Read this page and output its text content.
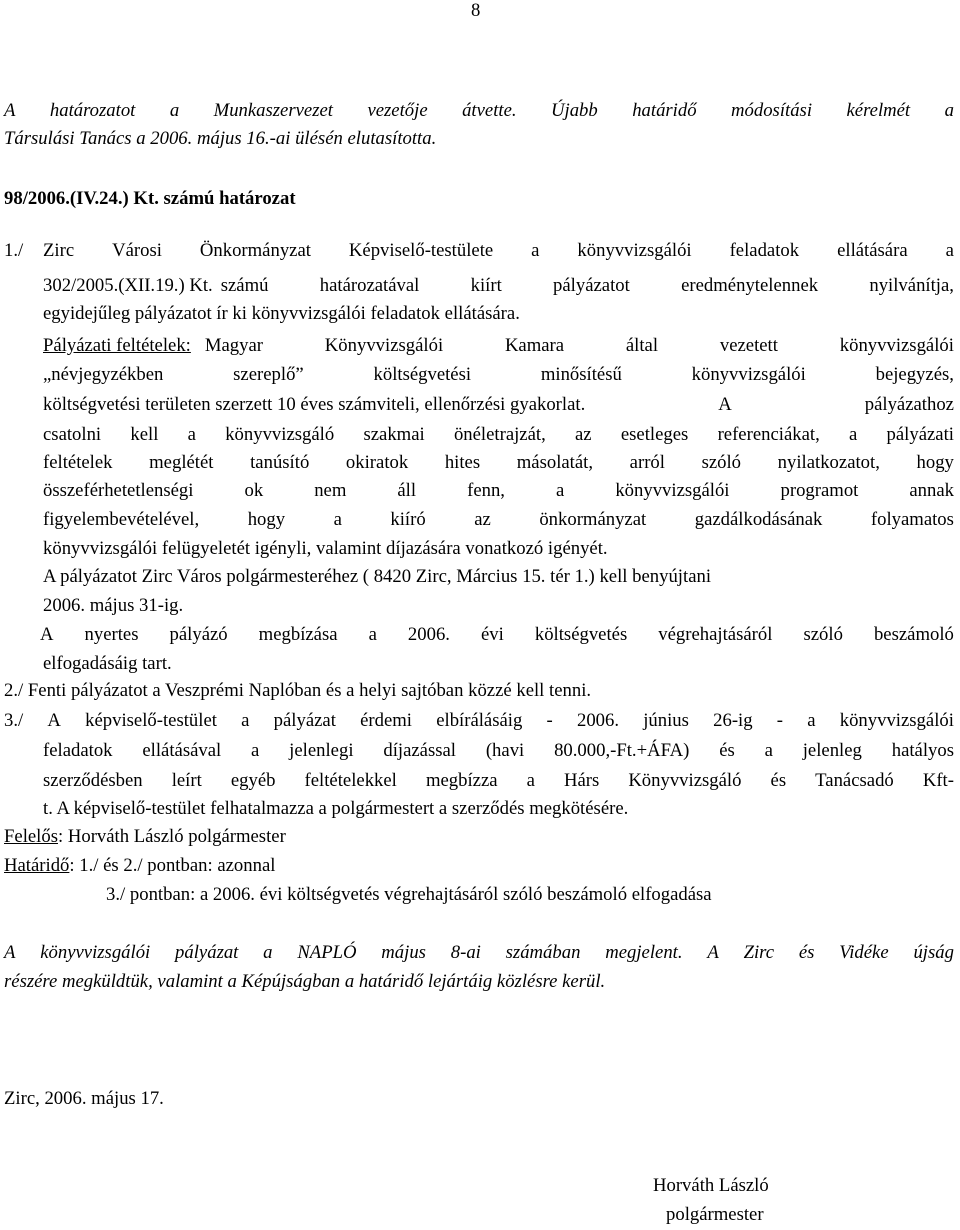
8
A határozatot a Munkaszervezet vezetője átvette. Újabb határidő módosítási kérelmét a
Társulási Tanács a 2006. május 16.-ai ülésén elutasította.
98/2006.(IV.24.) Kt. számú határozat
1./ Zirc Városi Önkormányzat Képviselő-testülete a könyvvizsgálói feladatok ellátására a
302/2005.(XII.19.) Kt. számú	határozatával	kiírt	pályázatot	eredménytelennek	nyilvánítja,
egyidejűleg pályázatot ír ki könyvvizsgálói feladatok ellátására.
Pályázati feltételek: Magyar	Könyvvizsgálói	Kamara	által	vezetett	könyvvizsgálói
„névjegyzékben	szereplő”	költségvetési	minősítésű	könyvvizsgálói	bejegyzés,
költségvetési területen szerzett 10 éves számviteli, ellenőrzési gyakorlat.	A	pályázathoz
csatolni kell a könyvvizsgáló szakmai önéletrajzát, az esetleges referenciákat, a pályázati
feltételek meglétét tanúsító okiratok hites másolatát, arról szóló nyilatkozatot, hogy
összeférhetetlenségi	ok	nem	áll	fenn,	a	könyvvizsgálói	programot	annak
figyelembevételével,	hogy	a	kiíró	az	önkormányzat	gazdálkodásának	folyamatos
könyvvizsgálói felügyeletét igényli, valamint díjazására vonatkozó igényét.
A pályázatot Zirc Város polgármesteréhez ( 8420 Zirc, Március 15. tér 1.) kell benyújtani
2006. május 31-ig.
A nyertes pályázó megbízása a 2006. évi költségvetés végrehajtásáról szóló beszámoló
elfogadásáig tart.
2./ Fenti pályázatot a Veszprémi Naplóban és a helyi sajtóban közzé kell tenni.
3./ A képviselő-testület a pályázat érdemi elbírálásáig - 2006. június 26-ig - a könyvvizsgálói
feladatok ellátásával a jelenlegi díjazással (havi 80.000,-Ft.+ÁFA) és a jelenleg hatályos
szerződésben leírt egyéb feltételekkel megbízza a Hárs Könyvvizsgáló és Tanácsadó Kft-
t. A képviselő-testület felhatalmazza a polgármestert a szerződés megkötésére.
Felelős: Horváth László polgármester
Határidő: 1./ és 2./ pontban: azonnal
3./ pontban: a 2006. évi költségvetés végrehajtásáról szóló beszámoló elfogadása
A könyvvizsgálói pályázat a NAPLÓ május 8-ai számában megjelent. A Zirc és Vidéke újság
részére megküldtük, valamint a Képújságban a határidő lejártáig közlésre kerül.
Zirc, 2006. május 17.
Horváth László
polgármester
